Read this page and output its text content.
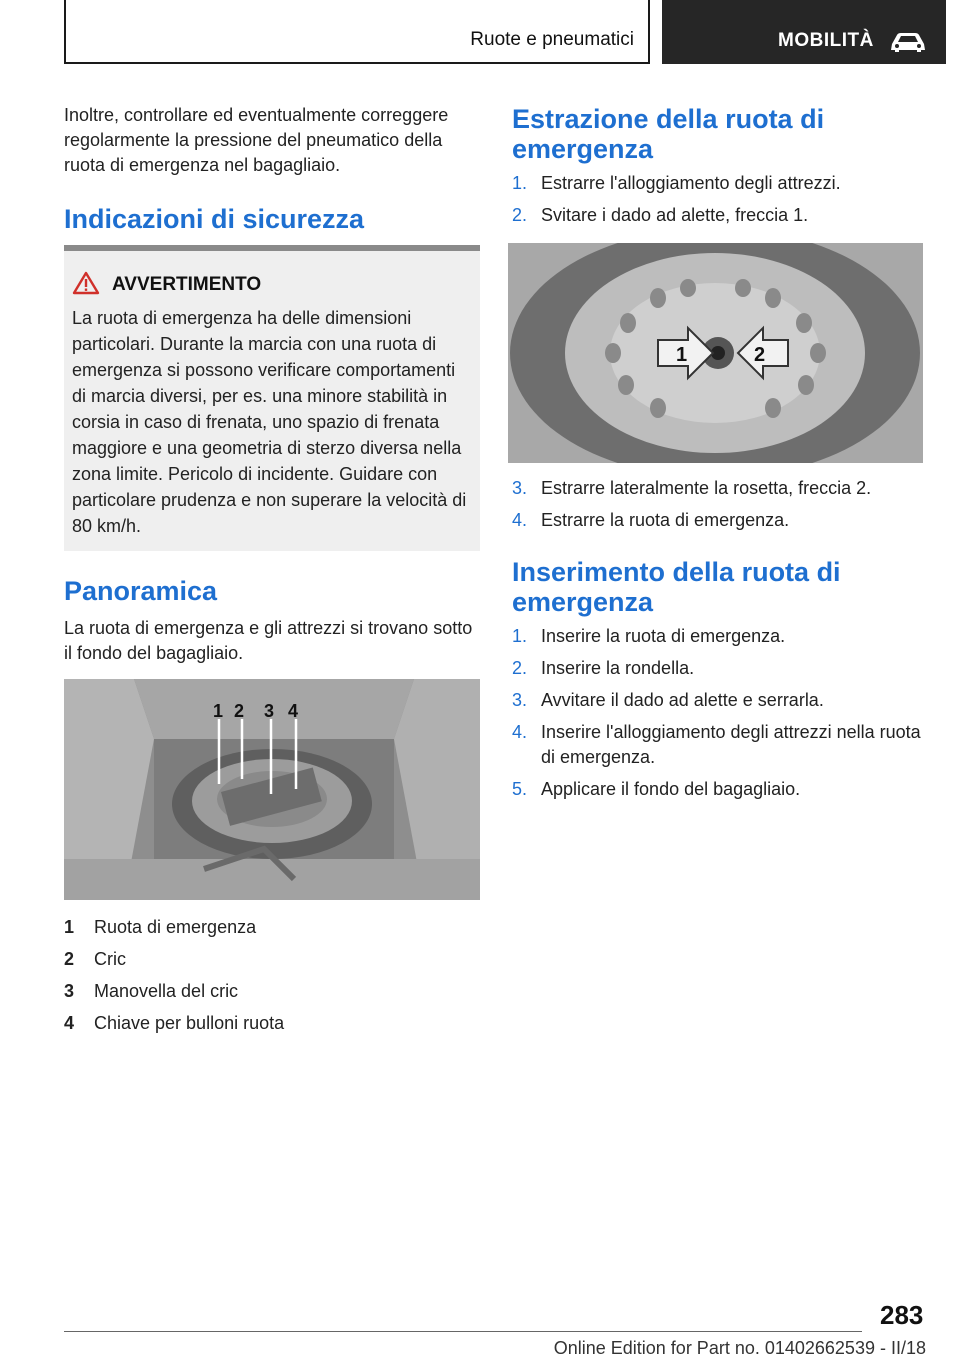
Ruote e pneumatici	MOBILITÀ

Inoltre, controllare ed eventualmente correggere regolarmente la pressione del pneumatico della ruota di emergenza nel bagagliaio.

Indicazioni di sicurezza
AVVERTIMENTO

La ruota di emergenza ha delle dimensioni particolari. Durante la marcia con una ruota di emergenza si possono verificare comportamenti di marcia diversi, per es. una minore stabilità in corsia in caso di frenata, uno spazio di frenata maggiore e una geometria di sterzo diversa nella zona limite. Pericolo di incidente. Guidare con particolare prudenza e non superare la velocità di 80 km/h.

Panoramica

La ruota di emergenza e gli attrezzi si trovano sotto il fondo del bagagliaio.

1 2 3 4
1	Ruota di emergenza
2	Cric
3	Manovella del cric
4	Chiave per bulloni ruota
Estrazione della ruota di emergenza
1. Estrarre l'alloggiamento degli attrezzi.
2. Svitare i dado ad alette, freccia 1.
1	2
3. Estrarre lateralmente la rosetta, freccia 2.
4. Estrarre la ruota di emergenza.
Inserimento della ruota di emergenza
1. Inserire la ruota di emergenza.
2. Inserire la rondella.
3. Avvitare il dado ad alette e serrarla.
4. Inserire l'alloggiamento degli attrezzi nella ruota di emergenza.
5. Applicare il fondo del bagagliaio.
283
Online Edition for Part no. 01402662539 - II/18
